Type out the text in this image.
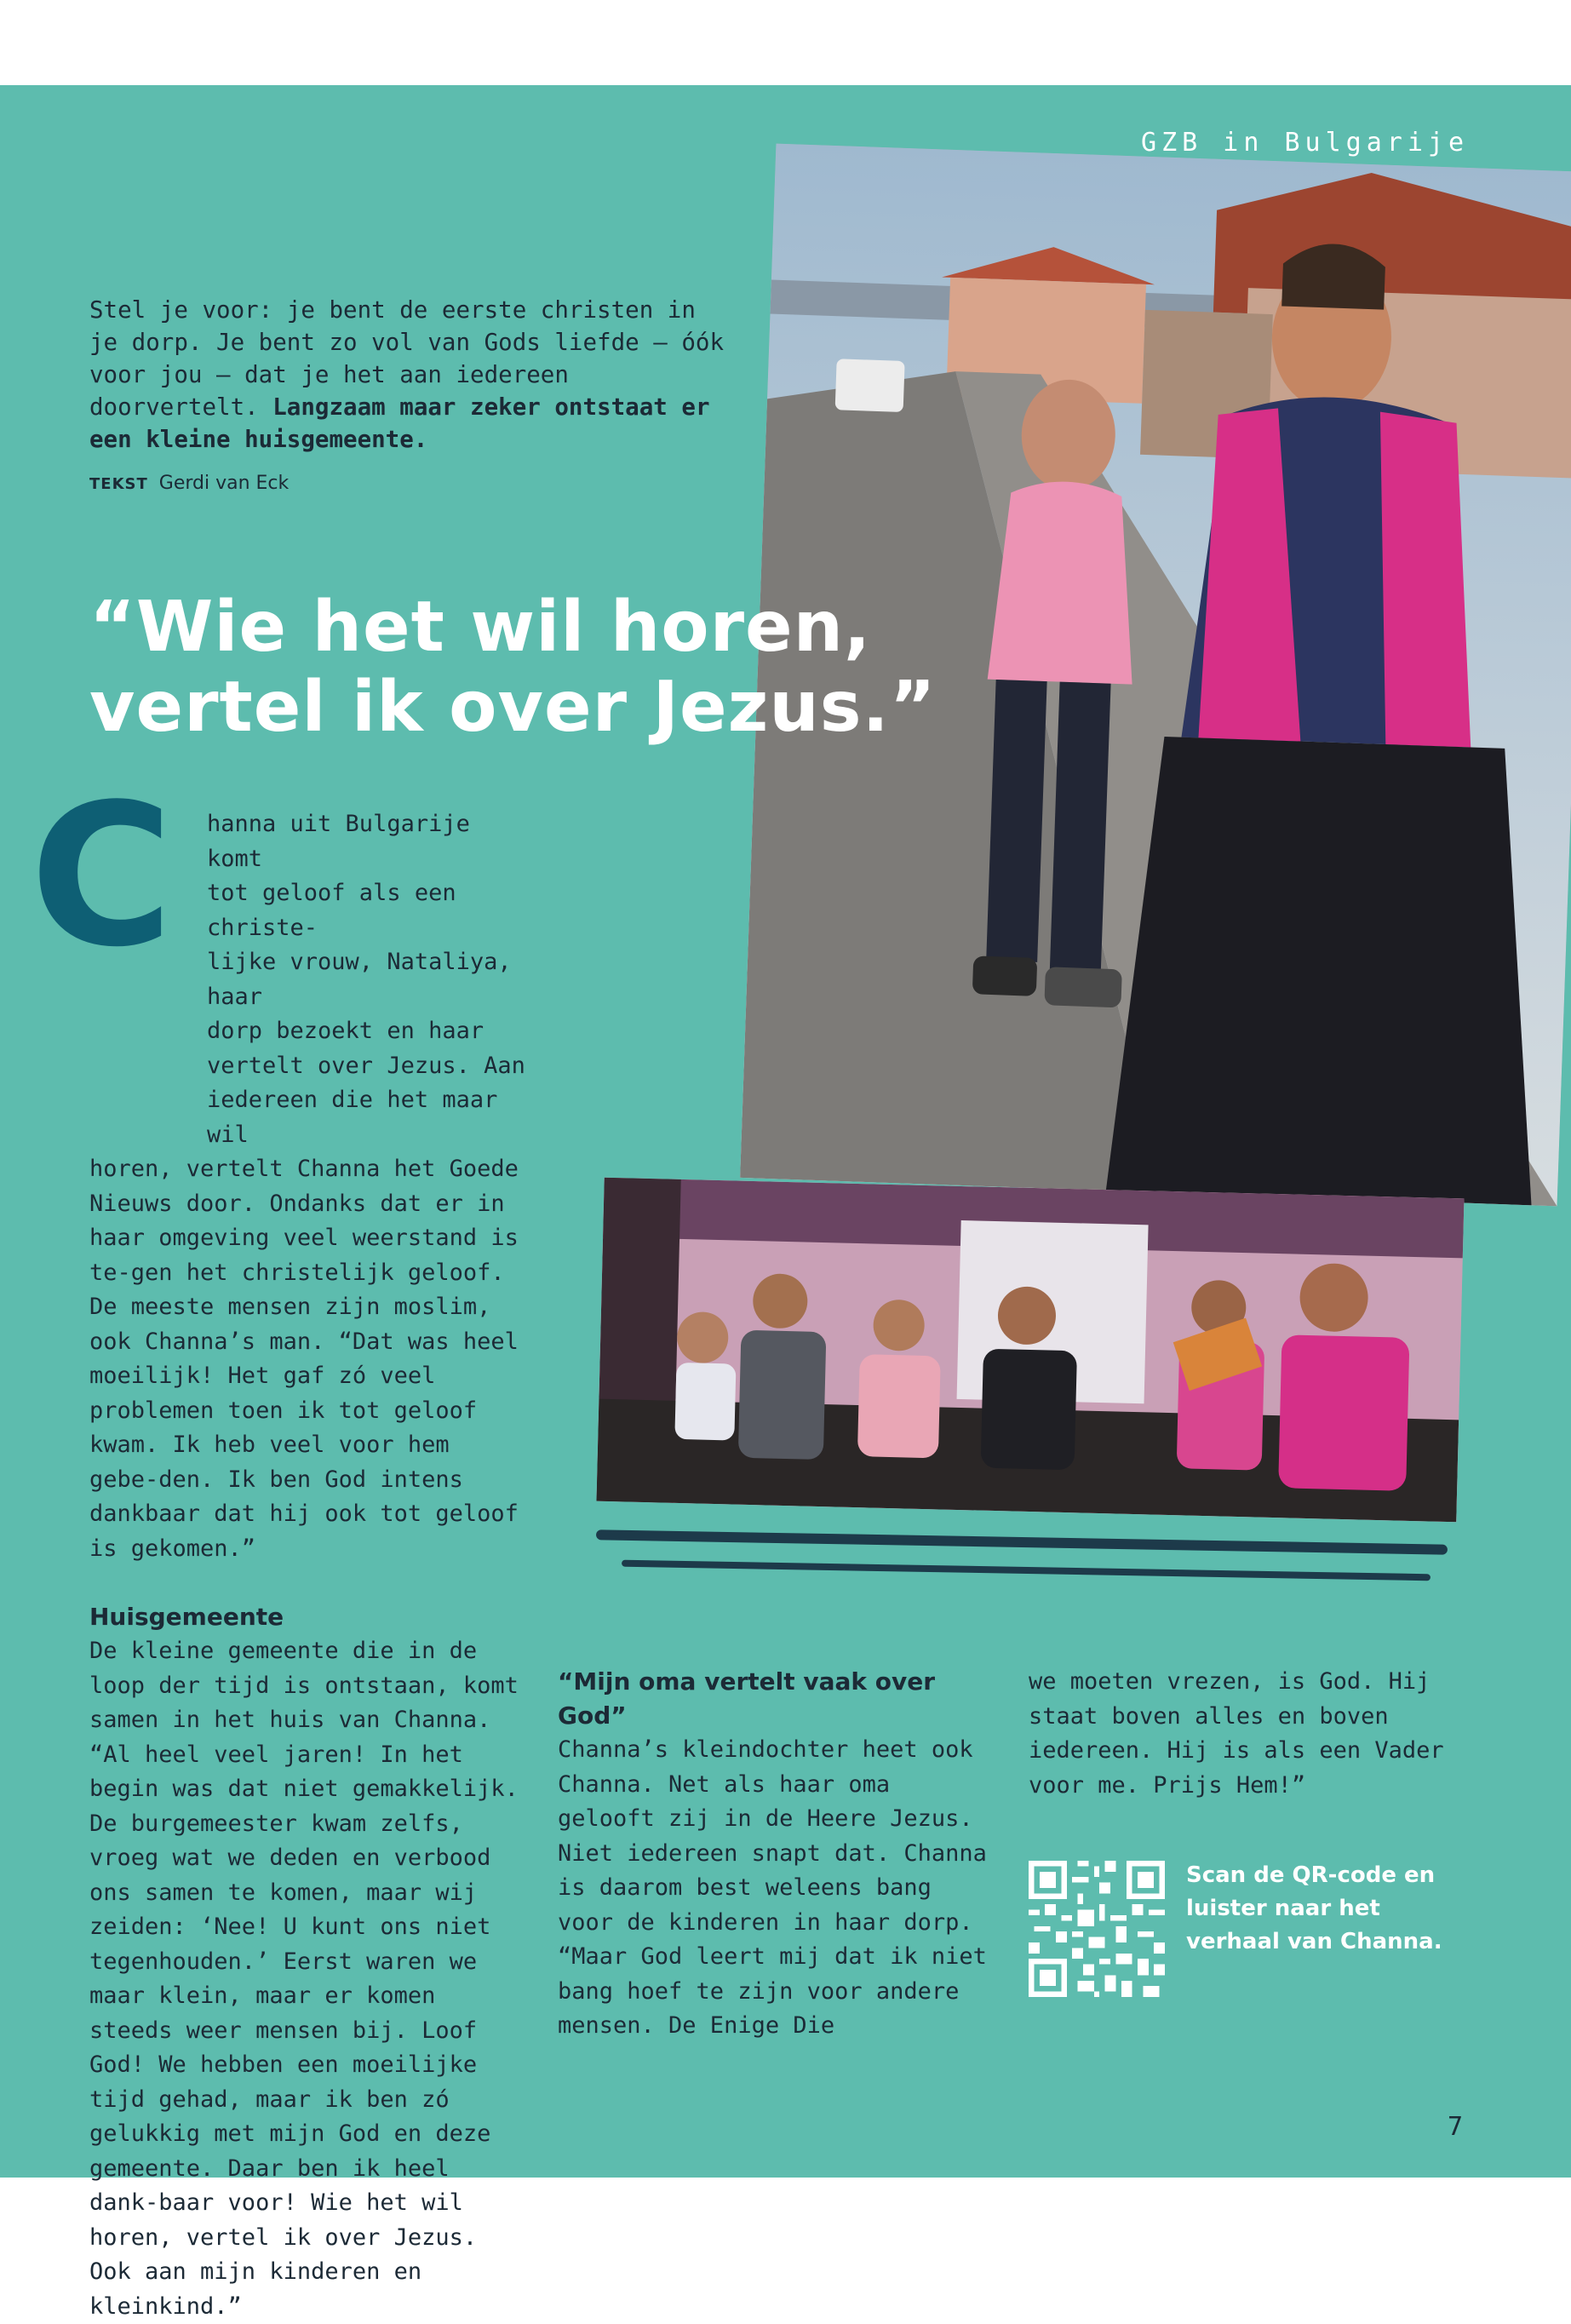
GZB in Bulgarije
Stel je voor: je bent de eerste christen in je dorp. Je bent zo vol van Gods liefde — óók voor jou — dat je het aan iedereen doorvertelt. Langzaam maar zeker ontstaat er een kleine huisgemeente.
TEKST Gerdi van Eck
“Wie het wil horen,
vertel ik over Jezus.”
C hanna uit Bulgarije komt
tot geloof als een christe-
lijke vrouw, Nataliya, haar
dorp bezoekt en haar
vertelt over Jezus. Aan
iedereen die het maar wil

horen, vertelt Channa het Goede Nieuws door. Ondanks dat er in haar omgeving veel weerstand is te-gen het christelijk geloof. De meeste mensen zijn moslim, ook Channa’s man. “Dat was heel moeilijk! Het gaf zó veel problemen toen ik tot geloof kwam. Ik heb veel voor hem gebe-den. Ik ben God intens dankbaar dat hij ook tot geloof is gekomen.”

Huisgemeente

De kleine gemeente die in de loop der tijd is ontstaan, komt samen in het huis van Channa. “Al heel veel jaren! In het begin was dat niet gemakkelijk. De burgemeester kwam zelfs, vroeg wat we deden en verbood ons samen te komen, maar wij zeiden: ‘Nee! U kunt ons niet tegenhouden.’ Eerst waren we maar klein, maar er komen steeds weer mensen bij. Loof God! We hebben een moeilijke tijd gehad, maar ik ben zó gelukkig met mijn God en deze gemeente. Daar ben ik heel dank-baar voor! Wie het wil horen, vertel ik over Jezus. Ook aan mijn kinderen en kleinkind.”

“Mijn oma vertelt vaak over God”

Channa’s kleindochter heet ook Channa. Net als haar oma gelooft zij in de Heere Jezus. Niet iedereen snapt dat. Channa is daarom best weleens bang voor de kinderen in haar dorp. “Maar God leert mij dat ik niet bang hoef te zijn voor andere mensen. De Enige Die

we moeten vrezen, is God. Hij staat boven alles en boven iedereen. Hij is als een Vader voor me. Prijs Hem!”

Scan de QR-code en luister naar het verhaal van Channa.
7
